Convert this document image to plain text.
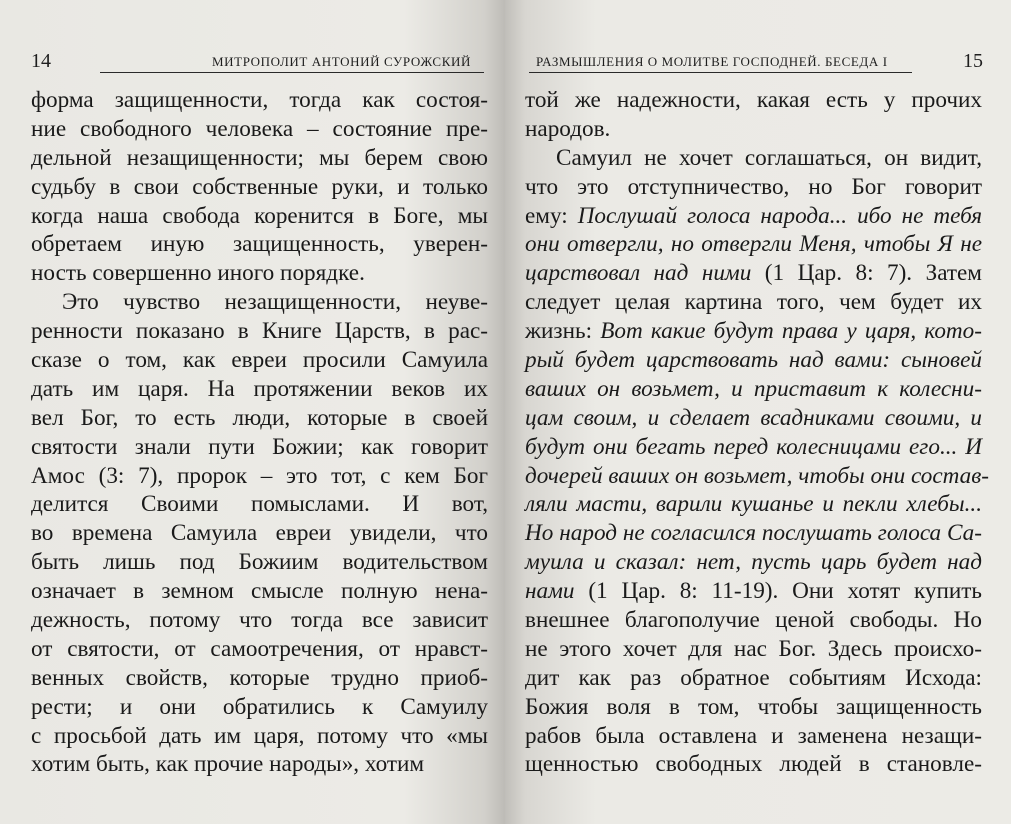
14	МИТРОПОЛИТ АНТОНИЙ СУРОЖСКИЙ
форма защищенности, тогда как состоя-
ние свободного человека – состояние пре-
дельной незащищенности; мы берем свою
судьбу в свои собственные руки, и только
когда наша свобода коренится в Боге, мы
обретаем иную защищенность, уверен-
ность совершенно иного порядке.
Это чувство незащищенности, неуве-
ренности показано в Книге Царств, в рас-
сказе о том, как евреи просили Самуила
дать им царя. На протяжении веков их
вел Бог, то есть люди, которые в своей
святости знали пути Божии; как говорит
Амос (3: 7), пророк – это тот, с кем Бог
делится Своими помыслами. И вот,
во времена Самуила евреи увидели, что
быть лишь под Божиим водительством
означает в земном смысле полную нена-
дежность, потому что тогда все зависит
от святости, от самоотречения, от нравст-
венных свойств, которые трудно приоб-
рести; и они обратились к Самуилу
с просьбой дать им царя, потому что «мы
хотим быть, как прочие народы», хотим
РАЗМЫШЛЕНИЯ О МОЛИТВЕ ГОСПОДНЕЙ. БЕСЕДА I	15
той же надежности, какая есть у прочих
народов.
Самуил не хочет соглашаться, он видит,
что это отступничество, но Бог говорит
ему: Послушай голоса народа... ибо не тебя
они отвергли, но отвергли Меня, чтобы Я не
царствовал над ними (1 Цар. 8: 7). Затем
следует целая картина того, чем будет их
жизнь: Вот какие будут права у царя, кото-
рый будет царствовать над вами: сыновей
ваших он возьмет, и приставит к колесни-
цам своим, и сделает всадниками своими, и
будут они бегать перед колесницами его... И
дочерей ваших он возьмет, чтобы они состав-
ляли масти, варили кушанье и пекли хлебы...
Но народ не согласился послушать голоса Са-
муила и сказал: нет, пусть царь будет над
нами (1 Цар. 8: 11-19). Они хотят купить
внешнее благополучие ценой свободы. Но
не этого хочет для нас Бог. Здесь происхо-
дит как раз обратное событиям Исхода:
Божия воля в том, чтобы защищенность
рабов была оставлена и заменена незащи-
щенностью свободных людей в становле-
